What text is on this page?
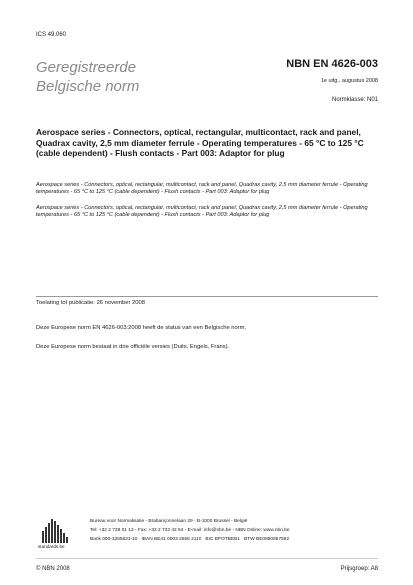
ICS 49.060
Geregistreerde
Belgische norm
NBN EN 4626-003
1e uitg., augustus 2008
Normklasse: N01
Aerospace series - Connectors, optical, rectangular, multicontact, rack and panel, Quadrax cavity, 2,5 mm diameter ferrule - Operating temperatures - 65 °C to 125 °C (cable dependent) - Flush contacts - Part 003: Adaptor for plug
Aerospace series - Connectors, optical, rectangular, multicontact, rack and panel, Quadrax cavity, 2,5 mm diameter ferrule - Operating temperatures - 65 °C to 125 °C (cable dependent) - Flush contacts - Part 003: Adaptor for plug
Aerospace series - Connectors, optical, rectangular, multicontact, rack and panel, Quadrax cavity, 2,5 mm diameter ferrule - Operating temperatures - 65 °C to 125 °C (cable dependent) - Flush contacts - Part 003: Adaptor for plug
Toelating tot publicatie: 26 november 2008
Deze Europese norm EN 4626-003:2008 heeft de status van een Belgische norm.
Deze Europese norm bestaat in drie officiële versies (Duits, Engels, Frans).
standards.be
Bureau voor Normalisatie - Brabançonnelaan 29 - B-1000 Brussel - België
Tel: +32 2 738 01 12 - Fax: +32 2 733 42 64 - E-mail: info@nbn.be - NBN Online: www.nbn.be
Bank 000-3255621-10   IBAN BE41 0003 2556 2110   BIC BPOTBEB1   BTW BE0880857592
© NBN 2008	Prijsgroep: A8
